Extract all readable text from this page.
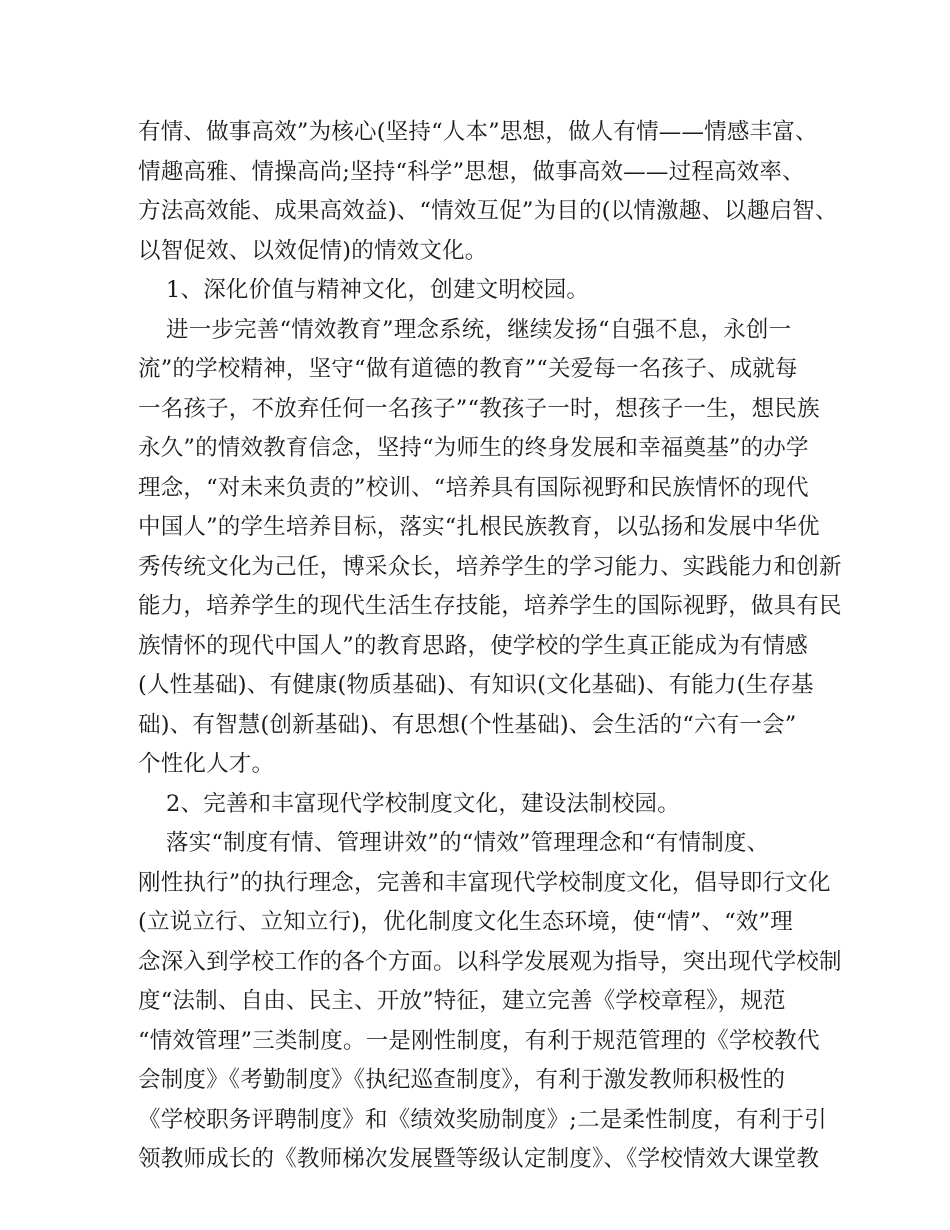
有情、做事高效”为核心(坚持“人本”思想，做人有情——情感丰富、
情趣高雅、情操高尚;坚持“科学”思想，做事高效——过程高效率、
方法高效能、成果高效益)、“情效互促”为目的(以情激趣、以趣启智、
以智促效、以效促情)的情效文化。
1、深化价值与精神文化，创建文明校园。
进一步完善“情效教育”理念系统，继续发扬“自强不息，永创一
流”的学校精神，坚守“做有道德的教育”“关爱每一名孩子、成就每
一名孩子，不放弃任何一名孩子”“教孩子一时，想孩子一生，想民族
永久”的情效教育信念，坚持“为师生的终身发展和幸福奠基”的办学
理念，“对未来负责的”校训、“培养具有国际视野和民族情怀的现代
中国人”的学生培养目标，落实“扎根民族教育，以弘扬和发展中华优
秀传统文化为己任，博采众长，培养学生的学习能力、实践能力和创新
能力，培养学生的现代生活生存技能，培养学生的国际视野，做具有民
族情怀的现代中国人”的教育思路，使学校的学生真正能成为有情感
(人性基础)、有健康(物质基础)、有知识(文化基础)、有能力(生存基
础)、有智慧(创新基础)、有思想(个性基础)、会生活的“六有一会”
个性化人才。
2、完善和丰富现代学校制度文化，建设法制校园。
落实“制度有情、管理讲效”的“情效”管理理念和“有情制度、
刚性执行”的执行理念，完善和丰富现代学校制度文化，倡导即行文化
(立说立行、立知立行)，优化制度文化生态环境，使“情”、“效”理
念深入到学校工作的各个方面。以科学发展观为指导，突出现代学校制
度“法制、自由、民主、开放”特征，建立完善《学校章程》，规范
“情效管理”三类制度。一是刚性制度，有利于规范管理的《学校教代
会制度》《考勤制度》《执纪巡查制度》，有利于激发教师积极性的
《学校职务评聘制度》和《绩效奖励制度》;二是柔性制度，有利于引
领教师成长的《教师梯次发展暨等级认定制度》、《学校情效大课堂教
